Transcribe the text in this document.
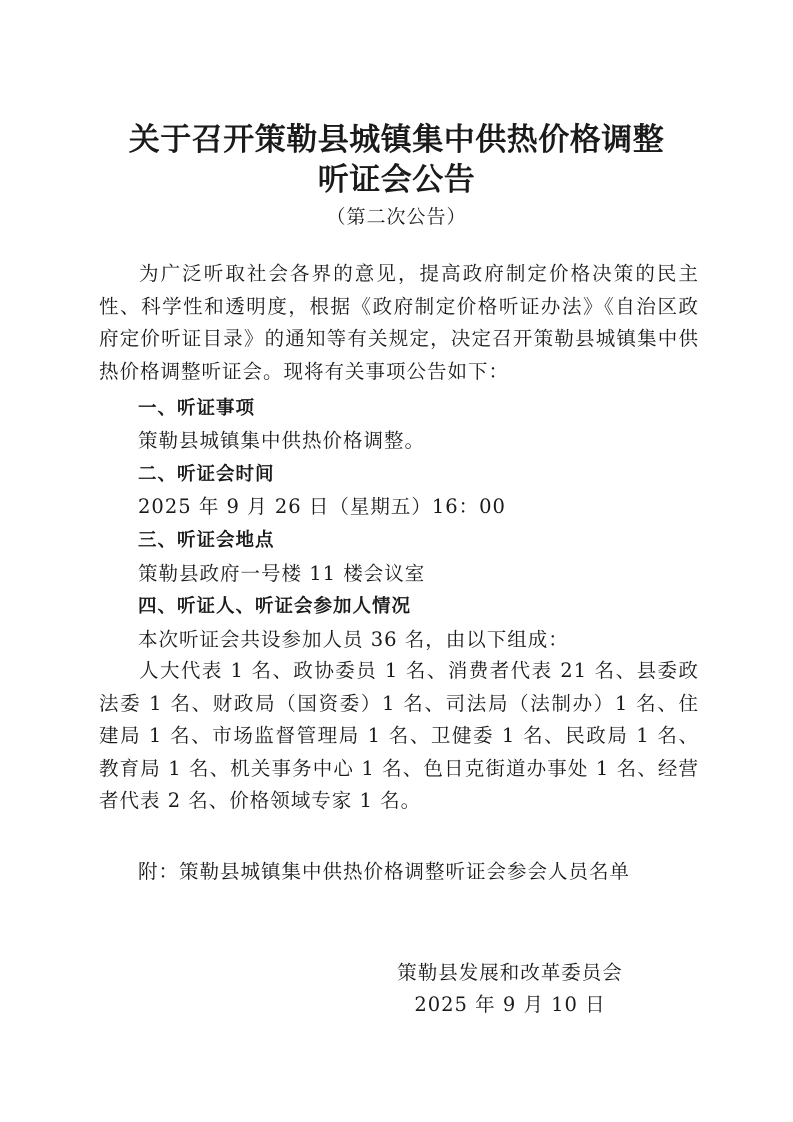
关于召开策勒县城镇集中供热价格调整
听证会公告
（第二次公告）
为广泛听取社会各界的意见，提高政府制定价格决策的民主性、科学性和透明度，根据《政府制定价格听证办法》《自治区政府定价听证目录》的通知等有关规定，决定召开策勒县城镇集中供热价格调整听证会。现将有关事项公告如下：
一、听证事项
策勒县城镇集中供热价格调整。
二、听证会时间
2025 年 9 月 26 日（星期五）16：00
三、听证会地点
策勒县政府一号楼 11 楼会议室
四、听证人、听证会参加人情况
本次听证会共设参加人员 36 名，由以下组成：
人大代表 1 名、政协委员 1 名、消费者代表 21 名、县委政法委 1 名、财政局（国资委）1 名、司法局（法制办）1 名、住建局 1 名、市场监督管理局 1 名、卫健委 1 名、民政局 1 名、教育局 1 名、机关事务中心 1 名、色日克街道办事处 1 名、经营者代表 2 名、价格领域专家 1 名。
附：策勒县城镇集中供热价格调整听证会参会人员名单
策勒县发展和改革委员会
2025 年 9 月 10 日
